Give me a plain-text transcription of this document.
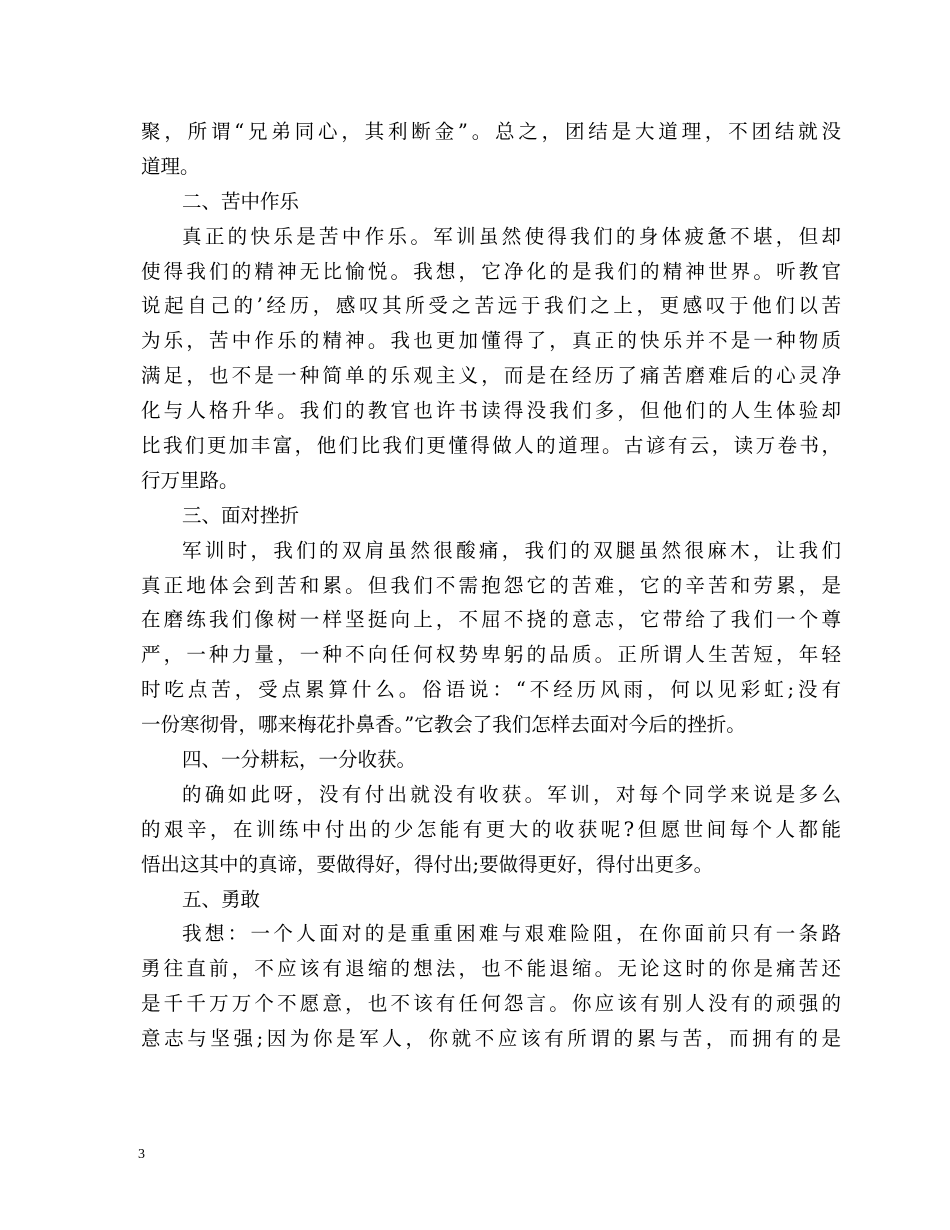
聚，所谓“兄弟同心，其利断金”。总之，团结是大道理，不团结就没
道理。
二、苦中作乐
真正的快乐是苦中作乐。军训虽然使得我们的身体疲惫不堪，但却
使得我们的精神无比愉悦。我想，它净化的是我们的精神世界。听教官
说起自己的’经历，感叹其所受之苦远于我们之上，更感叹于他们以苦
为乐，苦中作乐的精神。我也更加懂得了，真正的快乐并不是一种物质
满足，也不是一种简单的乐观主义，而是在经历了痛苦磨难后的心灵净
化与人格升华。我们的教官也许书读得没我们多，但他们的人生体验却
比我们更加丰富，他们比我们更懂得做人的道理。古谚有云，读万卷书，
行万里路。
三、面对挫折
军训时，我们的双肩虽然很酸痛，我们的双腿虽然很麻木，让我们
真正地体会到苦和累。但我们不需抱怨它的苦难，它的辛苦和劳累，是
在磨练我们像树一样坚挺向上，不屈不挠的意志，它带给了我们一个尊
严，一种力量，一种不向任何权势卑躬的品质。正所谓人生苦短，年轻
时吃点苦，受点累算什么。俗语说：“不经历风雨，何以见彩虹;没有
一份寒彻骨，哪来梅花扑鼻香。”它教会了我们怎样去面对今后的挫折。
四、一分耕耘，一分收获。
的确如此呀，没有付出就没有收获。军训，对每个同学来说是多么
的艰辛，在训练中付出的少怎能有更大的收获呢?但愿世间每个人都能
悟出这其中的真谛，要做得好，得付出;要做得更好，得付出更多。
五、勇敢
我想：一个人面对的是重重困难与艰难险阻，在你面前只有一条路
勇往直前，不应该有退缩的想法，也不能退缩。无论这时的你是痛苦还
是千千万万个不愿意，也不该有任何怨言。你应该有别人没有的顽强的
意志与坚强;因为你是军人，你就不应该有所谓的累与苦，而拥有的是
3
